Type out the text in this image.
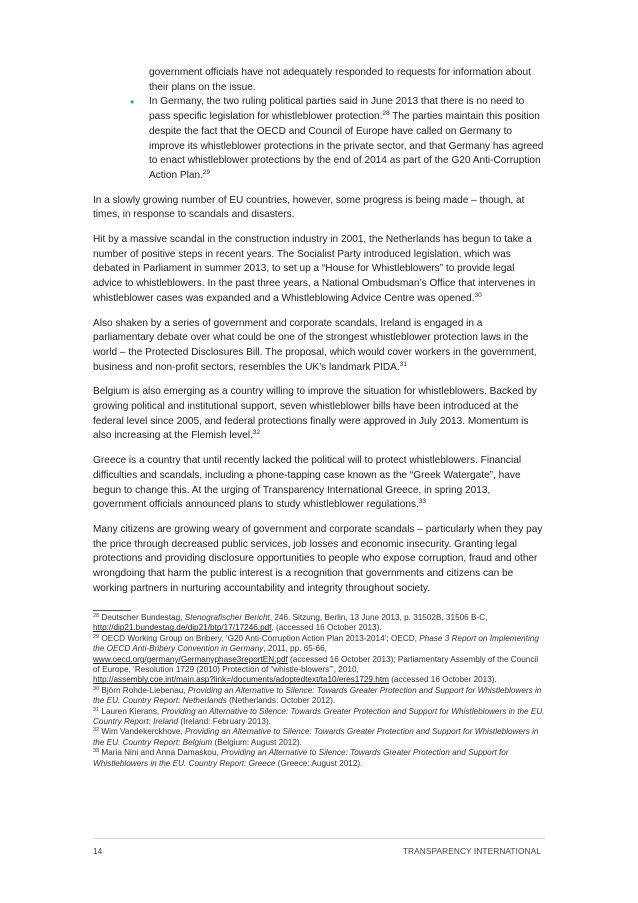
government officials have not adequately responded to requests for information about their plans on the issue.

• In Germany, the two ruling political parties said in June 2013 that there is no need to pass specific legislation for whistleblower protection.$^{28}$ The parties maintain this position despite the fact that the OECD and Council of Europe have called on Germany to improve its whistleblower protections in the private sector, and that Germany has agreed to enact whistleblower protections by the end of 2014 as part of the G20 Anti-Corruption Action Plan.$^{29}$

In a slowly growing number of EU countries, however, some progress is being made – though, at times, in response to scandals and disasters.

Hit by a massive scandal in the construction industry in 2001, the Netherlands has begun to take a number of positive steps in recent years. The Socialist Party introduced legislation, which was debated in Parliament in summer 2013, to set up a “House for Whistleblowers” to provide legal advice to whistleblowers. In the past three years, a National Ombudsman’s Office that intervenes in whistleblower cases was expanded and a Whistleblowing Advice Centre was opened.$^{30}$

Also shaken by a series of government and corporate scandals, Ireland is engaged in a parliamentary debate over what could be one of the strongest whistleblower protection laws in the world – the Protected Disclosures Bill. The proposal, which would cover workers in the government, business and non-profit sectors, resembles the UK’s landmark PIDA.$^{31}$

Belgium is also emerging as a country willing to improve the situation for whistleblowers. Backed by growing political and institutional support, seven whistleblower bills have been introduced at the federal level since 2005, and federal protections finally were approved in July 2013. Momentum is also increasing at the Flemish level.$^{32}$

Greece is a country that until recently lacked the political will to protect whistleblowers. Financial difficulties and scandals, including a phone-tapping case known as the “Greek Watergate”, have begun to change this. At the urging of Transparency International Greece, in spring 2013, government officials announced plans to study whistleblower regulations.$^{33}$

Many citizens are growing weary of government and corporate scandals – particularly when they pay the price through decreased public services, job losses and economic insecurity. Granting legal protections and providing disclosure opportunities to people who expose corruption, fraud and other wrongdoing that harm the public interest is a recognition that governments and citizens can be working partners in nurturing accountability and integrity throughout society.

$^{28}$ Deutscher Bundestag, Stenografischer Bericht, 246. Sitzung, Berlin, 13 June 2013, p. 31502B, 31506 B-C,
http://dip21.bundestag.de/dip21/btp/17/17246.pdf, (accessed 16 October 2013).

$^{29}$ OECD Working Group on Bribery, ‘G20 Anti-Corruption Action Plan 2013-2014’; OECD, Phase 3 Report on Implementing the OECD Anti-Bribery Convention in Germany, 2011, pp. 65-66,
www.oecd.org/germany/Germanyphase3reportEN.pdf (accessed 16 October 2013); Parliamentary Assembly of the Council of Europe, ‘Resolution 1729 (2010) Protection of “whistle-blowers”’, 2010,
http://assembly.coe.int/main.asp?link=/documents/adoptedtext/ta10/eres1729.htm (accessed 16 October 2013).

$^{30}$ Björn Rohde-Liebenau, Providing an Alternative to Silence: Towards Greater Protection and Support for Whistleblowers in the EU. Country Report: Netherlands (Netherlands: October 2012).

$^{31}$ Lauren Kierans, Providing an Alternative to Silence: Towards Greater Protection and Support for Whistleblowers in the EU. Country Report: Ireland (Ireland: February 2013).

$^{32}$ Wim Vandekerckhove, Providing an Alternative to Silence: Towards Greater Protection and Support for Whistleblowers in the EU. Country Report: Belgium (Belgium: August 2012).

$^{33}$ Maria Nini and Anna Damaskou, Providing an Alternative to Silence: Towards Greater Protection and Support for Whistleblowers in the EU. Country Report: Greece (Greece: August 2012).

14	TRANSPARENCY INTERNATIONAL
